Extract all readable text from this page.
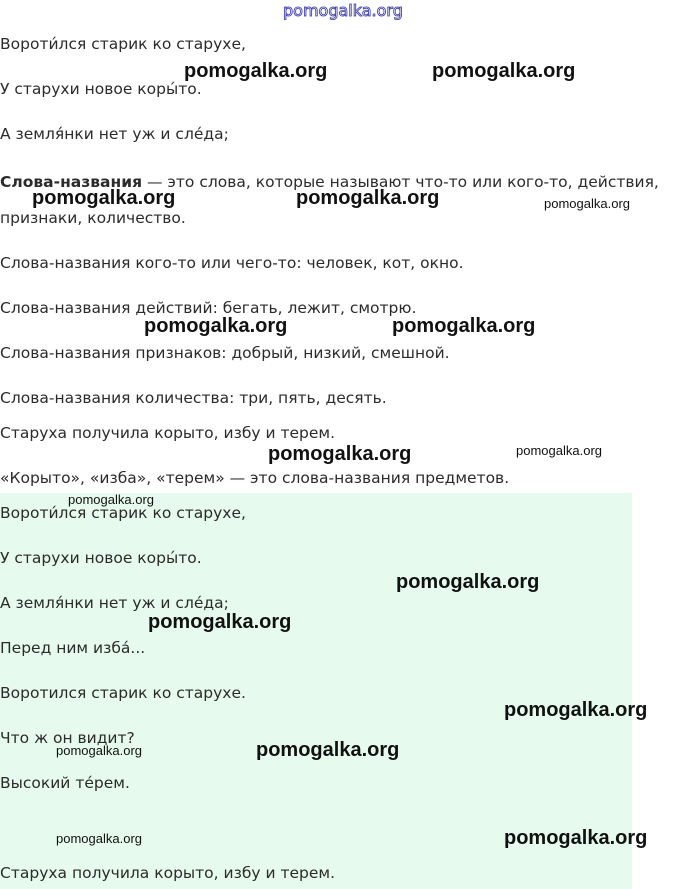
pomogalka.org

Вороти́лся старик ко старухе,

У старухи новое коры́то.

А земля́нки нет уж и сле́да;

Слова-названия — это слова, которые называют что-то или кого-то, действия,

признаки, количество.

Слова-названия кого-то или чего-то: человек, кот, окно.

Слова-названия действий: бегать, лежит, смотрю.

Слова-названия признаков: добрый, низкий, смешной.

Слова-названия количества: три, пять, десять.

Старуха получила корыто, избу и терем.

«Корыто», «изба», «терем» — это слова-названия предметов.

Вороти́лся старик ко старухе,

У старухи новое коры́то.

А земля́нки нет уж и сле́да;

Перед ним изба́...

Воротился старик ко старухе.

Что ж он видит?

Высокий те́рем.

Старуха получила корыто, избу и терем.

pomogalka.org	pomogalka.org
pomogalka.org	pomogalka.org	pomogalka.org
pomogalka.org	pomogalka.org
pomogalka.org	pomogalka.org
pomogalka.org
pomogalka.org
pomogalka.org
pomogalka.org
pomogalka.org	pomogalka.org
pomogalka.org	pomogalka.org
